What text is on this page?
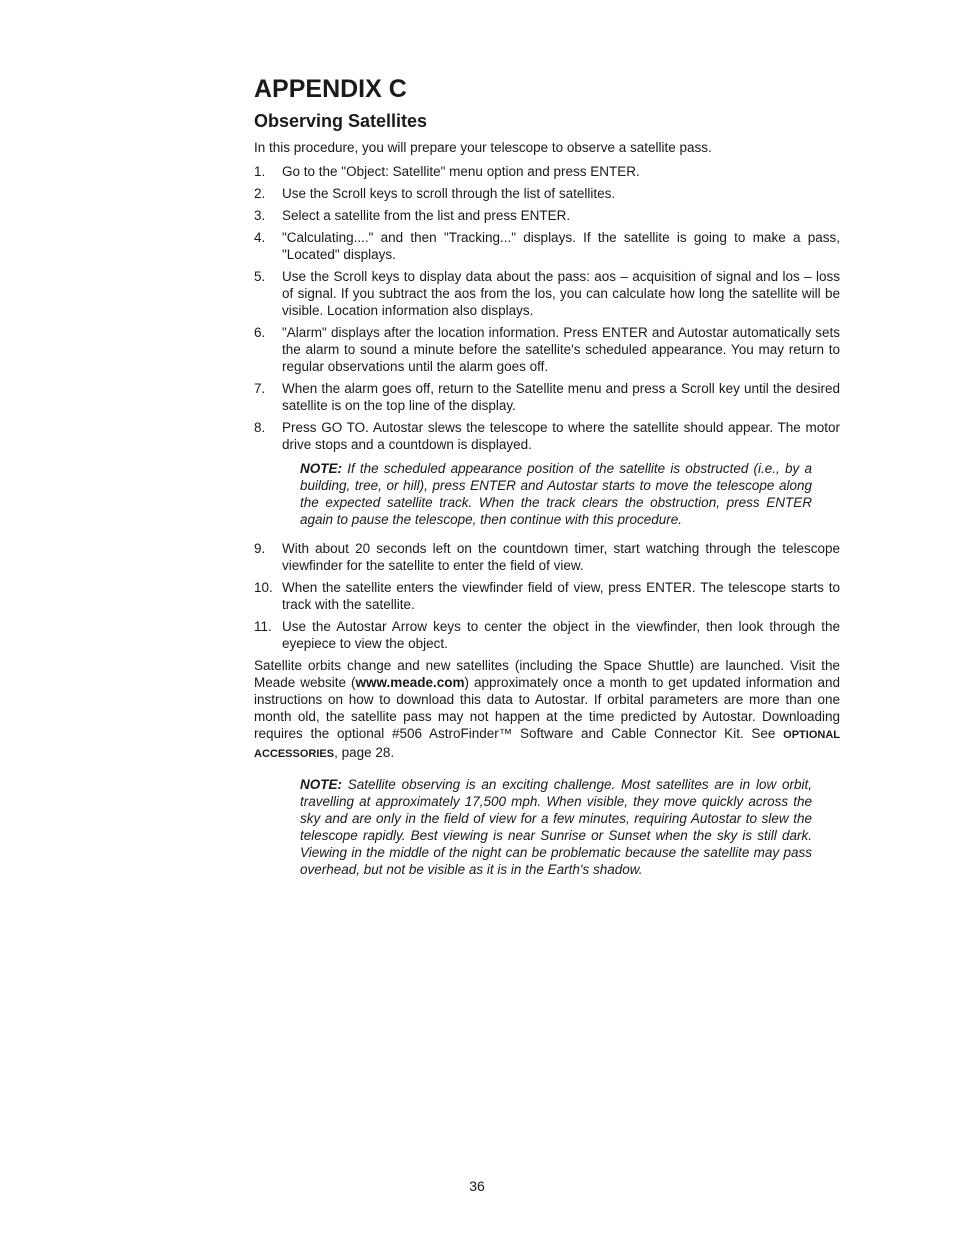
APPENDIX C
Observing Satellites

In this procedure, you will prepare your telescope to observe a satellite pass.

1. Go to the "Object: Satellite" menu option and press ENTER.
2. Use the Scroll keys to scroll through the list of satellites.
3. Select a satellite from the list and press ENTER.
4. "Calculating...." and then "Tracking..." displays. If the satellite is going to make a pass, "Located" displays.
5. Use the Scroll keys to display data about the pass: aos – acquisition of signal and los – loss of signal. If you subtract the aos from the los, you can calculate how long the satellite will be visible. Location information also displays.
6. "Alarm" displays after the location information. Press ENTER and Autostar automatically sets the alarm to sound a minute before the satellite's scheduled appearance. You may return to regular observations until the alarm goes off.
7. When the alarm goes off, return to the Satellite menu and press a Scroll key until the desired satellite is on the top line of the display.
8. Press GO TO. Autostar slews the telescope to where the satellite should appear. The motor drive stops and a countdown is displayed.
NOTE: If the scheduled appearance position of the satellite is obstructed (i.e., by a building, tree, or hill), press ENTER and Autostar starts to move the telescope along the expected satellite track. When the track clears the obstruction, press ENTER again to pause the telescope, then continue with this procedure.
9. With about 20 seconds left on the countdown timer, start watching through the telescope viewfinder for the satellite to enter the field of view.
10. When the satellite enters the viewfinder field of view, press ENTER. The telescope starts to track with the satellite.
11. Use the Autostar Arrow keys to center the object in the viewfinder, then look through the eyepiece to view the object.

Satellite orbits change and new satellites (including the Space Shuttle) are launched. Visit the Meade website (www.meade.com) approximately once a month to get updated information and instructions on how to download this data to Autostar. If orbital parameters are more than one month old, the satellite pass may not happen at the time predicted by Autostar. Downloading requires the optional #506 AstroFinder™ Software and Cable Connector Kit. See OPTIONAL ACCESSORIES, page 28.

NOTE: Satellite observing is an exciting challenge. Most satellites are in low orbit, travelling at approximately 17,500 mph. When visible, they move quickly across the sky and are only in the field of view for a few minutes, requiring Autostar to slew the telescope rapidly. Best viewing is near Sunrise or Sunset when the sky is still dark. Viewing in the middle of the night can be problematic because the satellite may pass overhead, but not be visible as it is in the Earth's shadow.
36
